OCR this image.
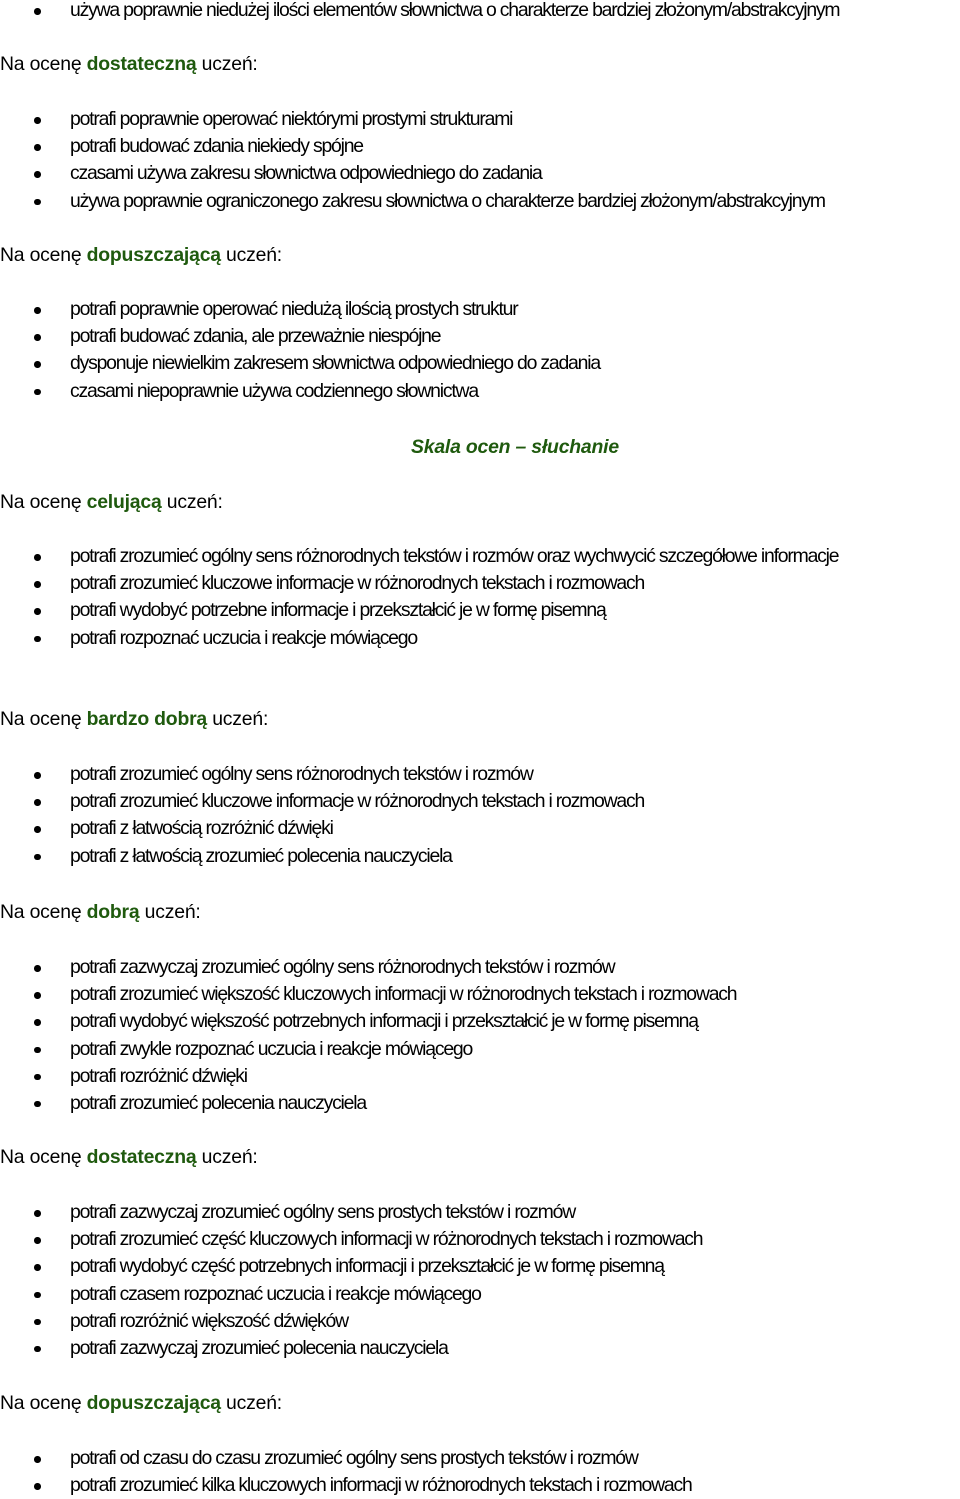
używa poprawnie niedużej ilości elementów słownictwa o charakterze bardziej złożonym/abstrakcyjnym
Na ocenę dostateczną uczeń:
potrafi poprawnie operować niektórymi prostymi strukturami
potrafi budować zdania niekiedy spójne
czasami używa zakresu słownictwa odpowiedniego do zadania
używa poprawnie ograniczonego zakresu słownictwa o charakterze bardziej złożonym/abstrakcyjnym
Na ocenę dopuszczającą uczeń:
potrafi poprawnie operować niedużą ilością prostych struktur
potrafi budować zdania, ale przeważnie niespójne
dysponuje niewielkim zakresem słownictwa odpowiedniego do zadania
czasami niepoprawnie używa codziennego słownictwa
Skala ocen – słuchanie
Na ocenę celującą uczeń:
potrafi zrozumieć ogólny sens różnorodnych tekstów i rozmów oraz wychwycić szczegółowe informacje
potrafi zrozumieć kluczowe informacje w różnorodnych tekstach i rozmowach
potrafi wydobyć potrzebne informacje i przekształcić je w formę pisemną
potrafi rozpoznać uczucia i reakcje mówiącego
Na ocenę bardzo dobrą uczeń:
potrafi zrozumieć ogólny sens różnorodnych tekstów i rozmów
potrafi zrozumieć kluczowe informacje w różnorodnych tekstach i rozmowach
potrafi z łatwością rozróżnić dźwięki
potrafi z łatwością zrozumieć polecenia nauczyciela
Na ocenę dobrą uczeń:
potrafi zazwyczaj zrozumieć ogólny sens różnorodnych tekstów i rozmów
potrafi zrozumieć większość kluczowych informacji w różnorodnych tekstach i rozmowach
potrafi wydobyć większość potrzebnych informacji i przekształcić je w formę pisemną
potrafi zwykle rozpoznać uczucia i reakcje mówiącego
potrafi rozróżnić dźwięki
potrafi zrozumieć polecenia nauczyciela
Na ocenę dostateczną uczeń:
potrafi zazwyczaj zrozumieć ogólny sens prostych tekstów i rozmów
potrafi zrozumieć część kluczowych informacji w różnorodnych tekstach i rozmowach
potrafi wydobyć część potrzebnych informacji i przekształcić je w formę pisemną
potrafi czasem rozpoznać uczucia i reakcje mówiącego
potrafi rozróżnić większość dźwięków
potrafi zazwyczaj zrozumieć polecenia nauczyciela
Na ocenę dopuszczającą uczeń:
potrafi od czasu do czasu zrozumieć ogólny sens prostych tekstów i rozmów
potrafi zrozumieć kilka kluczowych informacji w różnorodnych tekstach i rozmowach
